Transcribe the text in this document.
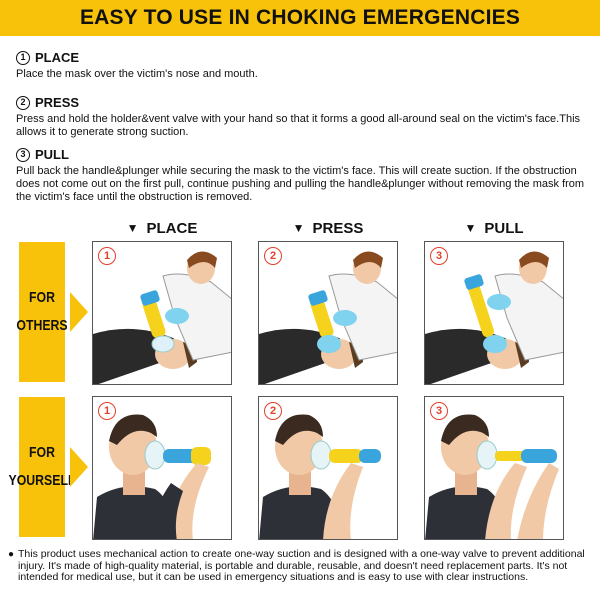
EASY TO USE IN CHOKING EMERGENCIES
1 PLACE
Place the mask over the victim's nose and mouth.
2 PRESS
Press and hold the holder&vent valve with your hand so that it forms a good all-around seal on the victim's face.This allows it to generate strong suction.
3 PULL
Pull back the handle&plunger while securing the mask to the victim's face. This will create suction. If the obstruction does not come out on the first pull, continue pushing and pulling the handle&plunger without removing the mask from the victim's face until the obstruction is removed.
▼ PLACE	▼ PRESS	▼ PULL
FOR
OTHERS
FOR
YOURSELF
1	2	3
1	2	3
● This product uses mechanical action to create one-way suction and is designed with a one-way valve to prevent additional injury. It's made of high-quality material, is portable and durable, reusable, and doesn't need replacement parts. It's not intended for medical use, but it can be used in emergency situations and is easy to use with clear instructions.
